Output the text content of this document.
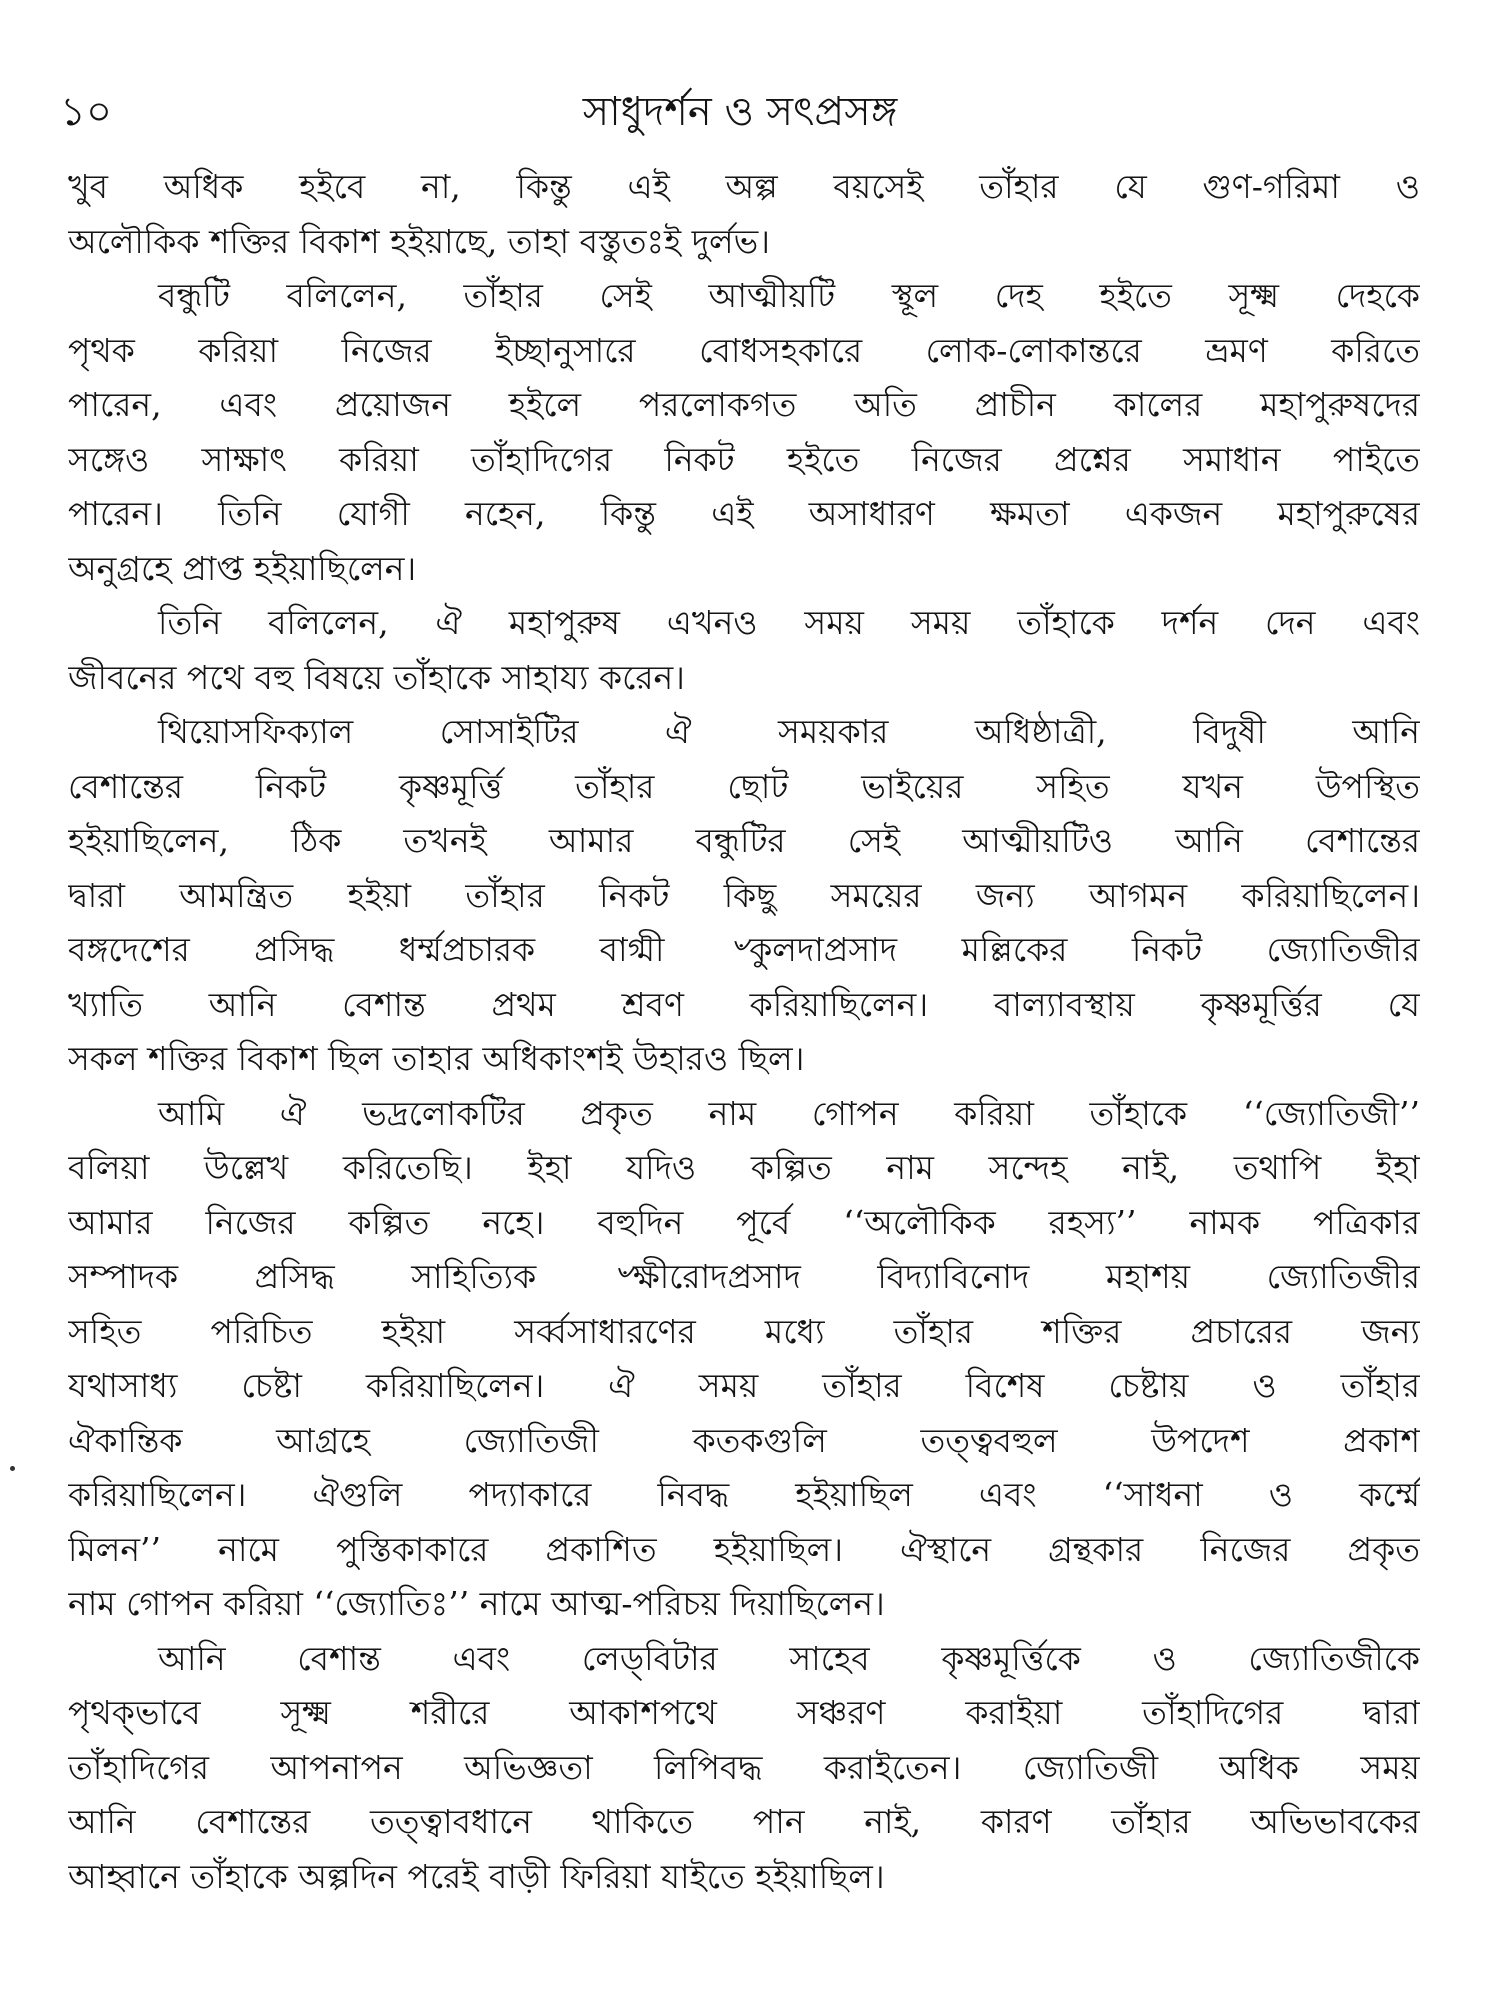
১০	সাধুদর্শন ও সৎপ্রসঙ্গ
খুব অধিক হইবে না, কিন্তু এই অল্প বয়সেই তাঁহার যে গুণ-গরিমা ও
অলৌকিক শক্তির বিকাশ হইয়াছে, তাহা বস্তুতঃই দুর্লভ।
বন্ধুটি বলিলেন, তাঁহার সেই আত্মীয়টি স্থূল দেহ হইতে সূক্ষ্ম দেহকে
পৃথক করিয়া নিজের ইচ্ছানুসারে বোধসহকারে লোক-লোকান্তরে ভ্রমণ করিতে
পারেন, এবং প্রয়োজন হইলে পরলোকগত অতি প্রাচীন কালের মহাপুরুষদের
সঙ্গেও সাক্ষাৎ করিয়া তাঁহাদিগের নিকট হইতে নিজের প্রশ্নের সমাধান পাইতে
পারেন। তিনি যোগী নহেন, কিন্তু এই অসাধারণ ক্ষমতা একজন মহাপুরুষের
অনুগ্রহে প্রাপ্ত হইয়াছিলেন।
তিনি বলিলেন, ঐ মহাপুরুষ এখনও সময় সময় তাঁহাকে দর্শন দেন এবং
জীবনের পথে বহু বিষয়ে তাঁহাকে সাহায্য করেন।
থিয়োসফিক্যাল সোসাইটির ঐ সময়কার অধিষ্ঠাত্রী, বিদুষী আনি
বেশান্তের নিকট কৃষ্ণমূর্ত্তি তাঁহার ছোট ভাইয়ের সহিত যখন উপস্থিত
হইয়াছিলেন, ঠিক তখনই আমার বন্ধুটির সেই আত্মীয়টিও আনি বেশান্তের
দ্বারা আমন্ত্রিত হইয়া তাঁহার নিকট কিছু সময়ের জন্য আগমন করিয়াছিলেন।
বঙ্গদেশের প্রসিদ্ধ ধর্ম্মপ্রচারক বাগ্মী ৺কুলদাপ্রসাদ মল্লিকের নিকট জ্যোতিজীর
খ্যাতি আনি বেশান্ত প্রথম শ্রবণ করিয়াছিলেন। বাল্যাবস্থায় কৃষ্ণমূর্ত্তির যে
সকল শক্তির বিকাশ ছিল তাহার অধিকাংশই উহারও ছিল।
আমি ঐ ভদ্রলোকটির প্রকৃত নাম গোপন করিয়া তাঁহাকে ‘‘জ্যোতিজী’’
বলিয়া উল্লেখ করিতেছি। ইহা যদিও কল্পিত নাম সন্দেহ নাই, তথাপি ইহা
আমার নিজের কল্পিত নহে। বহুদিন পূর্বে ‘‘অলৌকিক রহস্য’’ নামক পত্রিকার
সম্পাদক প্রসিদ্ধ সাহিত্যিক ৺ক্ষীরোদপ্রসাদ বিদ্যাবিনোদ মহাশয় জ্যোতিজীর
সহিত পরিচিত হইয়া সর্ব্বসাধারণের মধ্যে তাঁহার শক্তির প্রচারের জন্য
যথাসাধ্য চেষ্টা করিয়াছিলেন। ঐ সময় তাঁহার বিশেষ চেষ্টায় ও তাঁহার
ঐকান্তিক আগ্রহে জ্যোতিজী কতকগুলি তত্ত্ববহুল উপদেশ প্রকাশ
করিয়াছিলেন। ঐগুলি পদ্যাকারে নিবদ্ধ হইয়াছিল এবং ‘‘সাধনা ও কর্ম্মে
মিলন’’ নামে পুস্তিকাকারে প্রকাশিত হইয়াছিল। ঐস্থানে গ্রন্থকার নিজের প্রকৃত
নাম গোপন করিয়া ‘‘জ্যোতিঃ’’ নামে আত্ম-পরিচয় দিয়াছিলেন।
আনি বেশান্ত এবং লেড্‌বিটার সাহেব কৃষ্ণমূর্ত্তিকে ও জ্যোতিজীকে
পৃথক্‌ভাবে সূক্ষ্ম শরীরে আকাশপথে সঞ্চরণ করাইয়া তাঁহাদিগের দ্বারা
তাঁহাদিগের আপনাপন অভিজ্ঞতা লিপিবদ্ধ করাইতেন। জ্যোতিজী অধিক সময়
আনি বেশান্তের তত্ত্বাবধানে থাকিতে পান নাই, কারণ তাঁহার অভিভাবকের
আহ্বানে তাঁহাকে অল্পদিন পরেই বাড়ী ফিরিয়া যাইতে হইয়াছিল।
